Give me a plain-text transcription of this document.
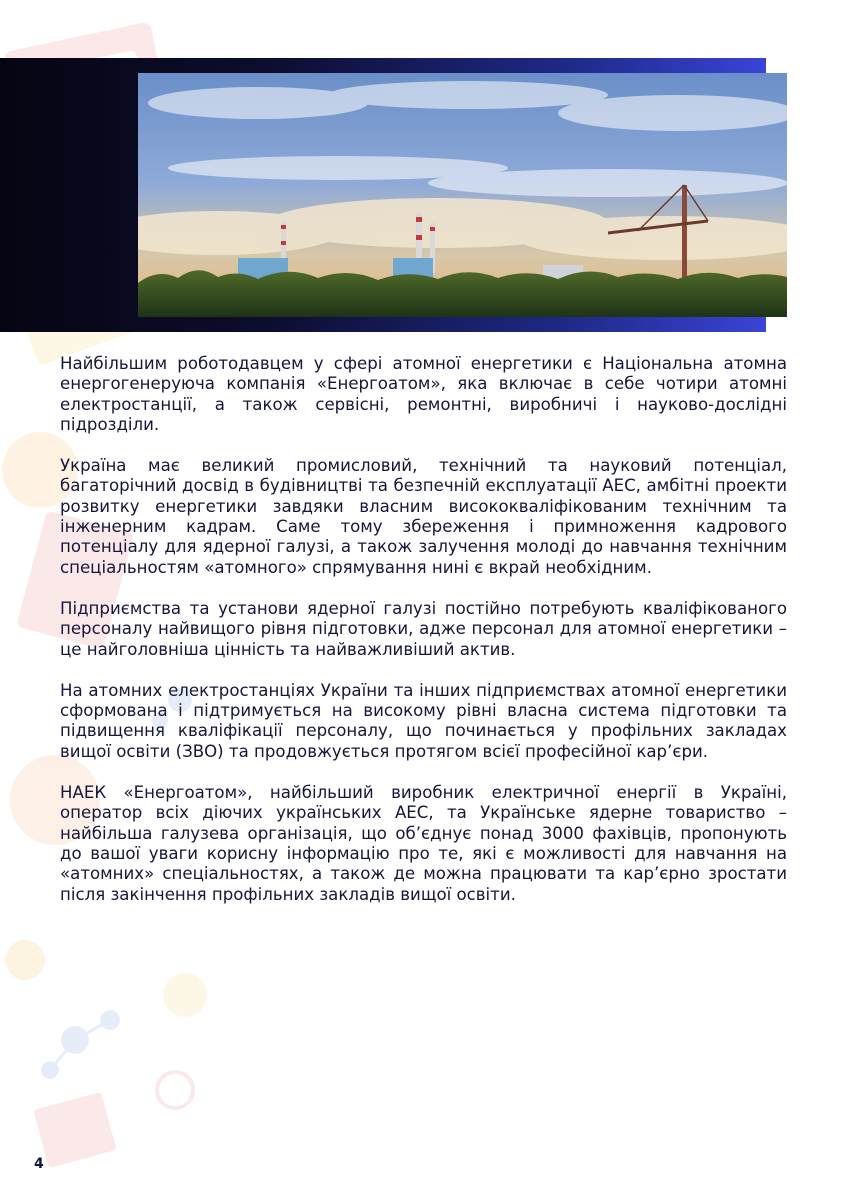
Найбільшим роботодавцем у сфері атомної енергетики є Національна атомна енергогенеруюча компанія «Енергоатом», яка включає в себе чотири атомні електростанції, а також сервісні, ремонтні, виробничі і науково-дослідні підрозділи.

Україна має великий промисловий, технічний та науковий потенціал, багаторічний досвід в будівництві та безпечній експлуатації АЕС, амбітні проекти розвитку енергетики завдяки власним висококваліфікованим технічним та інженерним кадрам. Саме тому збереження і примноження кадрового потенціалу для ядерної галузі, а також залучення молоді до навчання технічним спеціальностям «атомного» спрямування нині є вкрай необхідним.

Підприємства та установи ядерної галузі постійно потребують кваліфікованого персоналу найвищого рівня підготовки, адже персонал для атомної енергетики – це найголовніша цінність та найважливіший актив.

На атомних електростанціях України та інших підприємствах атомної енергетики сформована і підтримується на високому рівні власна система підготовки та підвищення кваліфікації персоналу, що починається у профільних закладах вищої освіти (ЗВО) та продовжується протягом всієї професійної кар’єри.

НАЕК «Енергоатом», найбільший виробник електричної енергії в Україні, оператор всіх діючих українських АЕС, та Українське ядерне товариство – найбільша галузева організація, що об’єднує понад 3000 фахівців, пропонують до вашої уваги корисну інформацію про те, які є можливості для навчання на «атомних» спеціальностях, а також де можна працювати та кар’єрно зростати після закінчення профільних закладів вищої освіти.

4
